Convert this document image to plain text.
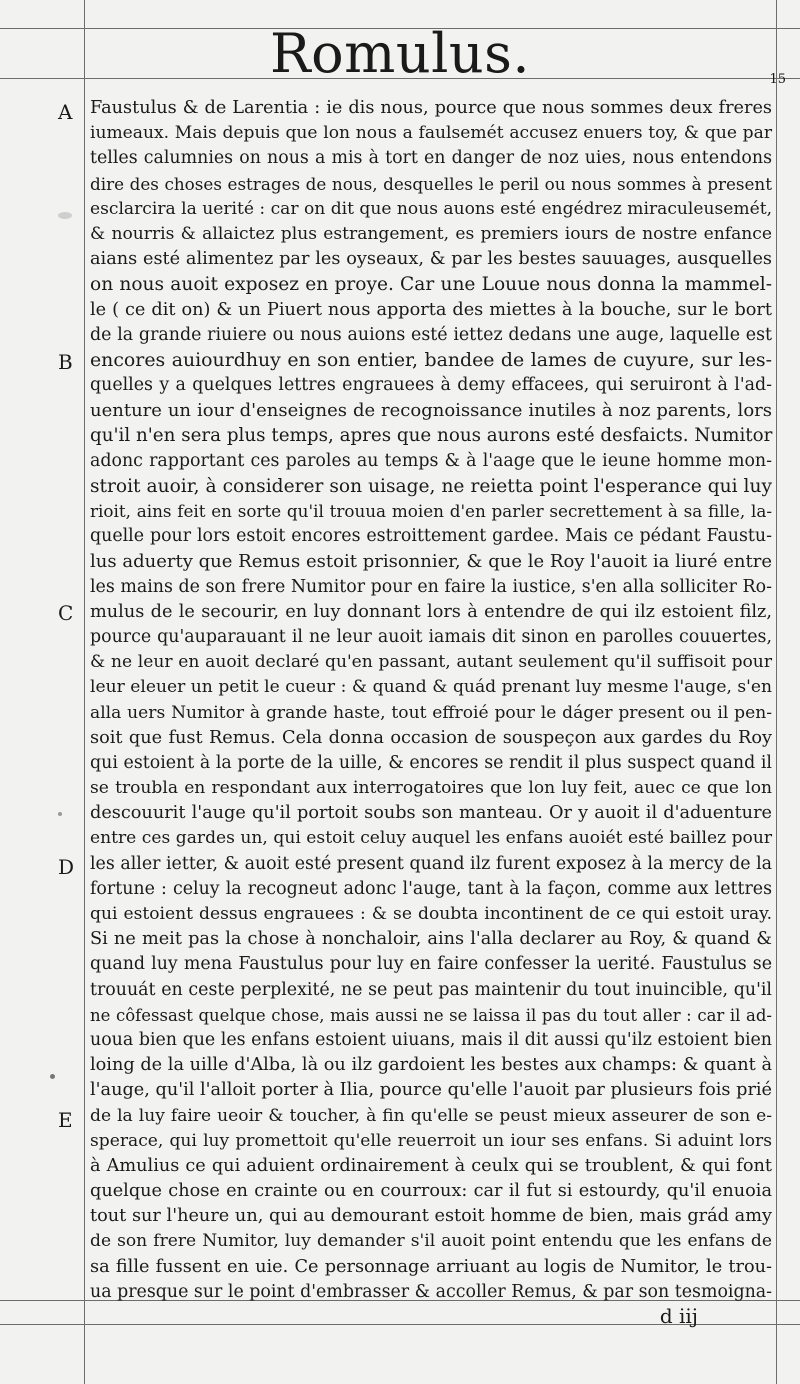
Romulus.	15
A
B
C
D
E
Faustulus & de Larentia : ie dis nous, pource que nous sommes deux freres
iumeaux. Mais depuis que lon nous a faulsemét accusez enuers toy, & que par
telles calumnies on nous a mis à tort en danger de noz uies, nous entendons
dire des choses estrages de nous, desquelles le peril ou nous sommes à present
esclarcira la uerité : car on dit que nous auons esté engédrez miraculeusemét,
& nourris & allaictez plus estrangement, es premiers iours de nostre enfance
aians esté alimentez par les oyseaux, & par les bestes sauuages, ausquelles
on nous auoit exposez en proye. Car une Louue nous donna la mammel-
le ( ce dit on) & un Piuert nous apporta des miettes à la bouche, sur le bort
de la grande riuiere ou nous auions esté iettez dedans une auge, laquelle est
encores auiourdhuy en son entier, bandee de lames de cuyure, sur les-
quelles y a quelques lettres engrauees à demy effacees, qui seruiront à l'ad-
uenture un iour d'enseignes de recognoissance inutiles à noz parents, lors
qu'il n'en sera plus temps, apres que nous aurons esté desfaicts. Numitor
adonc rapportant ces paroles au temps & à l'aage que le ieune homme mon-
stroit auoir, à considerer son uisage, ne reietta point l'esperance qui luy
rioit, ains feit en sorte qu'il trouua moien d'en parler secrettement à sa fille, la-
quelle pour lors estoit encores estroittement gardee. Mais ce pédant Faustu-
lus aduerty que Remus estoit prisonnier, & que le Roy l'auoit ia liuré entre
les mains de son frere Numitor pour en faire la iustice, s'en alla solliciter Ro-
mulus de le secourir, en luy donnant lors à entendre de qui ilz estoient filz,
pource qu'auparauant il ne leur auoit iamais dit sinon en parolles couuertes,
& ne leur en auoit declaré qu'en passant, autant seulement qu'il suffisoit pour
leur eleuer un petit le cueur : & quand & quád prenant luy mesme l'auge, s'en
alla uers Numitor à grande haste, tout effroié pour le dáger present ou il pen-
soit que fust Remus. Cela donna occasion de souspeçon aux gardes du Roy
qui estoient à la porte de la uille, & encores se rendit il plus suspect quand il
se troubla en respondant aux interrogatoires que lon luy feit, auec ce que lon
descouurit l'auge qu'il portoit soubs son manteau. Or y auoit il d'aduenture
entre ces gardes un, qui estoit celuy auquel les enfans auoiét esté baillez pour
les aller ietter, & auoit esté present quand ilz furent exposez à la mercy de la
fortune : celuy la recogneut adonc l'auge, tant à la façon, comme aux lettres
qui estoient dessus engrauees : & se doubta incontinent de ce qui estoit uray.
Si ne meit pas la chose à nonchaloir, ains l'alla declarer au Roy, & quand &
quand luy mena Faustulus pour luy en faire confesser la uerité. Faustulus se
trouuát en ceste perplexité, ne se peut pas maintenir du tout inuincible, qu'il
ne côfessast quelque chose, mais aussi ne se laissa il pas du tout aller : car il ad-
uoua bien que les enfans estoient uiuans, mais il dit aussi qu'ilz estoient bien
loing de la uille d'Alba, là ou ilz gardoient les bestes aux champs: & quant à
l'auge, qu'il l'alloit porter à Ilia, pource qu'elle l'auoit par plusieurs fois prié
de la luy faire ueoir & toucher, à fin qu'elle se peust mieux asseurer de son e-
sperace, qui luy promettoit qu'elle reuerroit un iour ses enfans. Si aduint lors
à Amulius ce qui aduient ordinairement à ceulx qui se troublent, & qui font
quelque chose en crainte ou en courroux: car il fut si estourdy, qu'il enuoia
tout sur l'heure un, qui au demourant estoit homme de bien, mais grád amy
de son frere Numitor, luy demander s'il auoit point entendu que les enfans de
sa fille fussent en uie. Ce personnage arriuant au logis de Numitor, le trou-
ua presque sur le point d'embrasser & accoller Remus, & par son tesmoigna-
d iij
